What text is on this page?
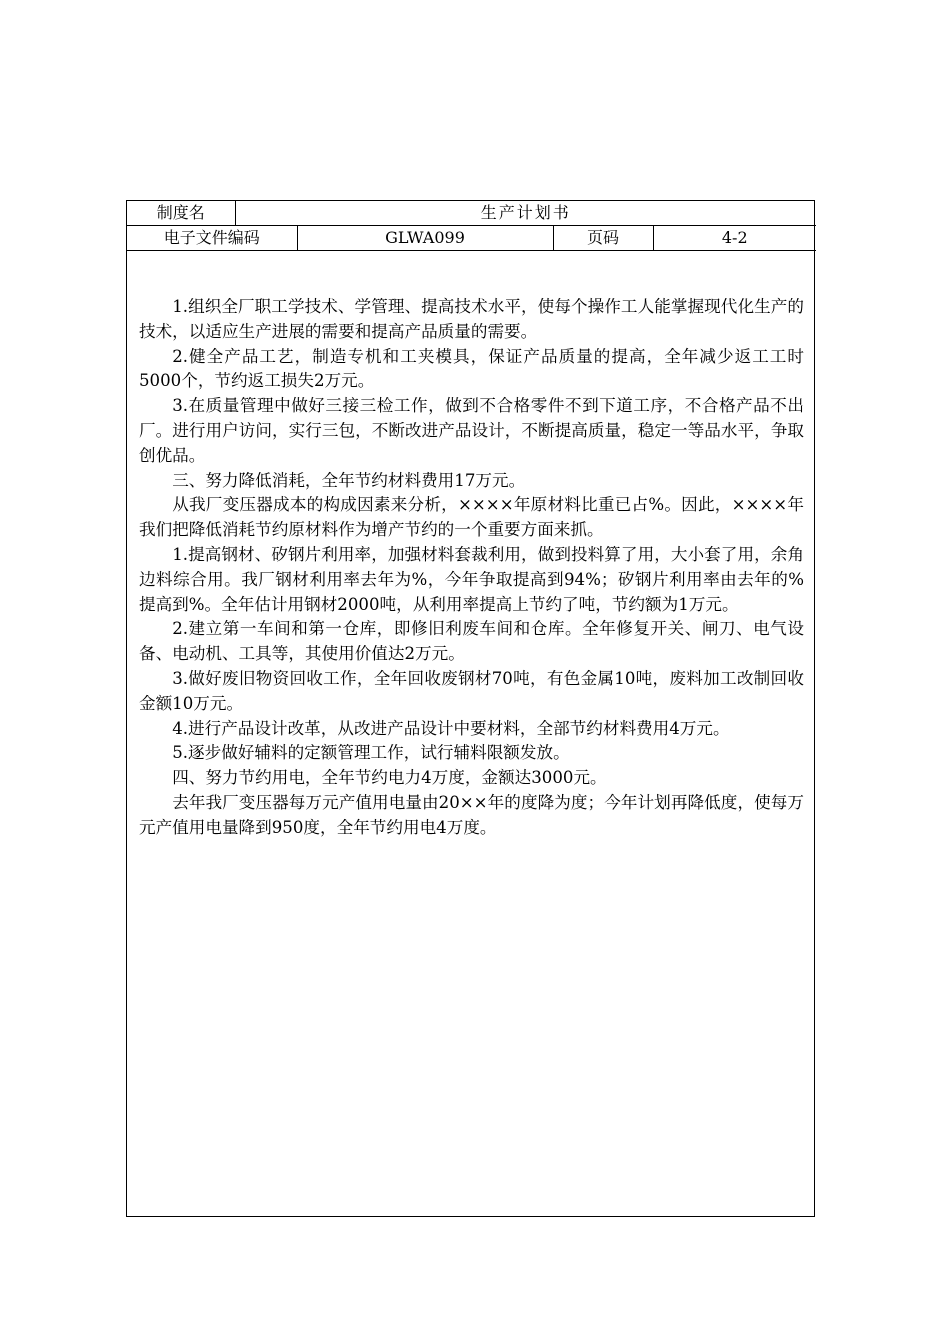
制度名	生产计划书			
电子文件编码		GLWA099	页码	4-2

1.组织全厂职工学技术、学管理、提高技术水平，使每个操作工人能掌握现代化生产的技术，以适应生产进展的需要和提高产品质量的需要。

2.健全产品工艺，制造专机和工夹模具，保证产品质量的提高，全年减少返工工时5000个，节约返工损失2万元。

3.在质量管理中做好三接三检工作，做到不合格零件不到下道工序，不合格产品不出厂。进行用户访问，实行三包，不断改进产品设计，不断提高质量，稳定一等品水平，争取创优品。

三、努力降低消耗，全年节约材料费用17万元。

从我厂变压器成本的构成因素来分析，××××年原材料比重已占%。因此，××××年我们把降低消耗节约原材料作为增产节约的一个重要方面来抓。

1.提高钢材、矽钢片利用率，加强材料套裁利用，做到投料算了用，大小套了用，余角边料综合用。我厂钢材利用率去年为%，今年争取提高到94%；矽钢片利用率由去年的%提高到%。全年估计用钢材2000吨，从利用率提高上节约了吨，节约额为1万元。

2.建立第一车间和第一仓库，即修旧利废车间和仓库。全年修复开关、闸刀、电气设备、电动机、工具等，其使用价值达2万元。

3.做好废旧物资回收工作，全年回收废钢材70吨，有色金属10吨，废料加工改制回收金额10万元。

4.进行产品设计改革，从改进产品设计中要材料，全部节约材料费用4万元。

5.逐步做好辅料的定额管理工作，试行辅料限额发放。

四、努力节约用电，全年节约电力4万度，金额达3000元。

去年我厂变压器每万元产值用电量由20××年的度降为度；今年计划再降低度，使每万元产值用电量降到950度，全年节约用电4万度。
